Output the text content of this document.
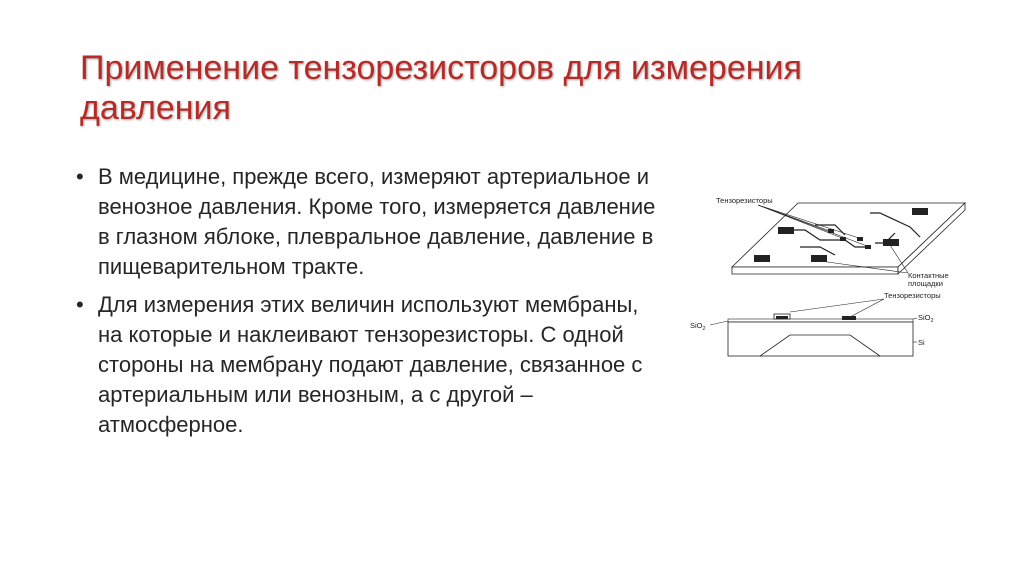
Применение тензорезисторов для измерения давления
• В медицине, прежде всего, измеряют артериальное и венозное давления. Кроме того, измеряется давление в глазном яблоке, плевральное давление, давление в пищеварительном тракте.
• Для измерения этих величин используют мембраны, на которые и наклеивают тензорезисторы. С одной стороны на мембрану подают давление, связанное с артериальным или венозным, а с другой – атмосферное.
Тензорезисторы
Контактные
площадки
Тензорезисторы
SiO$_2$
SiO$_2$
Si
